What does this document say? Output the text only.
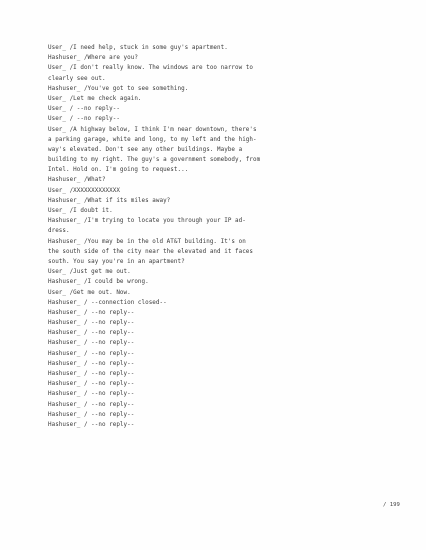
User_ /I need help, stuck in some guy's apartment.
Hashuser_ /Where are you?
User_ /I don't really know. The windows are too narrow to
clearly see out.
Hashuser_ /You've got to see something.
User_ /Let me check again.
User_ / --no reply--
User_ / --no reply--
User_ /A highway below, I think I'm near downtown, there's
a parking garage, white and long, to my left and the high-
way's elevated. Don't see any other buildings. Maybe a
building to my right. The guy's a government somebody, from
Intel. Hold on. I'm going to request...
Hashuser_ /What?
User_ /XXXXXXXXXXXXX
Hashuser_ /What if its miles away?
User_ /I doubt it.
Hashuser_ /I'm trying to locate you through your IP ad-
dress.
Hashuser_ /You may be in the old AT&T building. It's on
the south side of the city near the elevated and it faces
south. You say you're in an apartment?
User_ /Just get me out.
Hashuser_ /I could be wrong.
User_ /Get me out. Now.
Hashuser_ / --connection closed--
Hashuser_ / --no reply--
Hashuser_ / --no reply--
Hashuser_ / --no reply--
Hashuser_ / --no reply--
Hashuser_ / --no reply--
Hashuser_ / --no reply--
Hashuser_ / --no reply--
Hashuser_ / --no reply--
Hashuser_ / --no reply--
Hashuser_ / --no reply--
Hashuser_ / --no reply--
Hashuser_ / --no reply--
/ 199
